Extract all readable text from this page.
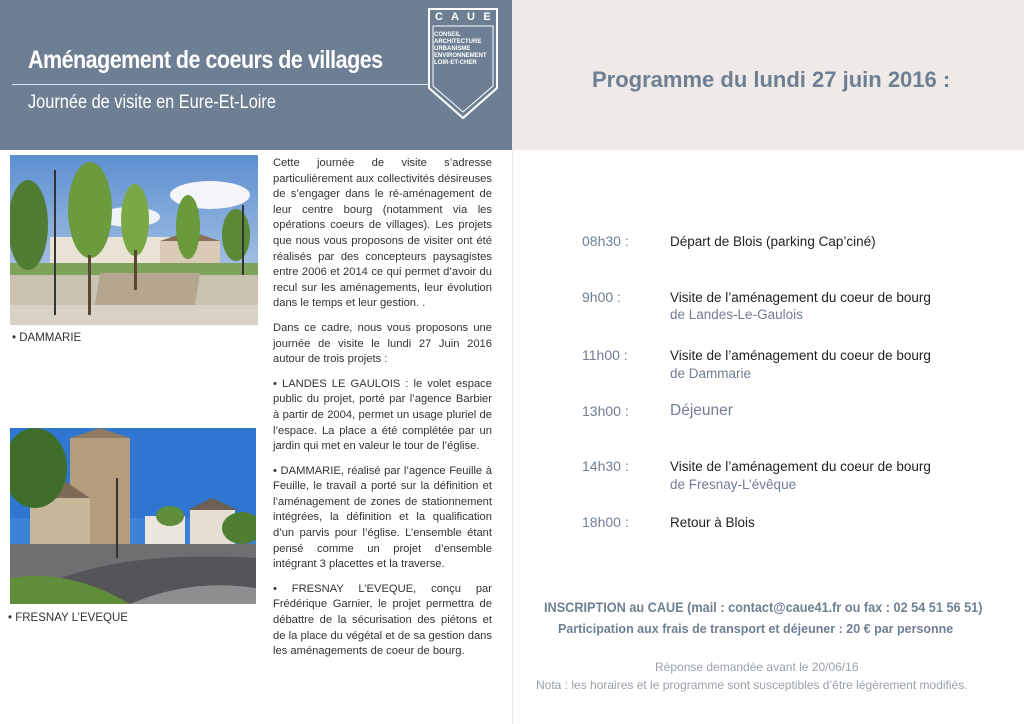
Aménagement de coeurs de villages
Journée de visite en Eure-Et-Loire
C A U E
CONSEIL
ARCHITECTURE
URBANISME
ENVIRONNEMENT
LOIR-ET-CHER
Programme du lundi 27 juin 2016 :
• DAMMARIE
• FRESNAY L’EVEQUE

Cette journée de visite s’adresse particulièrement aux collectivités désireuses de s’engager dans le ré-aménagement de leur centre bourg (notamment via les opérations coeurs de villages). Les projets que nous vous proposons de visiter ont été réalisés par des concepteurs paysagistes entre 2006 et 2014 ce qui permet d’avoir du recul sur les aménagements, leur évolution dans le temps et leur gestion. .

Dans ce cadre, nous vous proposons une journée de visite le lundi 27 Juin 2016 autour de trois projets :

• LANDES LE GAULOIS : le volet espace public du projet, porté par l’agence Barbier à partir de 2004, permet un usage pluriel de l’espace. La place a été complétée par un jardin qui met en valeur le tour de l’église.

• DAMMARIE, réalisé par l’agence Feuille à Feuille, le travail a porté sur la définition et l’aménagement de zones de stationnement intégrées, la définition et la qualification d’un parvis pour l’église. L’ensemble étant pensé comme un projet d’ensemble intégrant 3 placettes et la traverse.

• FRESNAY L’EVEQUE, conçu par Frédérique Garnier, le projet permettra de débattre de la sécurisation des piétons et de la place du végétal et de sa gestion dans les aménagements de coeur de bourg.

08h30 :	Départ de Blois (parking Cap’ciné)
9h00 :	Visite de l’aménagement du coeur de bourg
de Landes-Le-Gaulois
11h00 :	Visite de l’aménagement du coeur de bourg
de Dammarie
13h00 :	Déjeuner
14h30 :	Visite de l’aménagement du coeur de bourg
de Fresnay-L’évêque
18h00 :	Retour à Blois
INSCRIPTION au CAUE (mail : contact@caue41.fr ou fax : 02 54 51 56 51)
Participation aux frais de transport et déjeuner : 20 € par personne
Réponse demandée avant le 20/06/16
Nota : les horaires et le programme sont susceptibles d’être légèrement modifiés.
